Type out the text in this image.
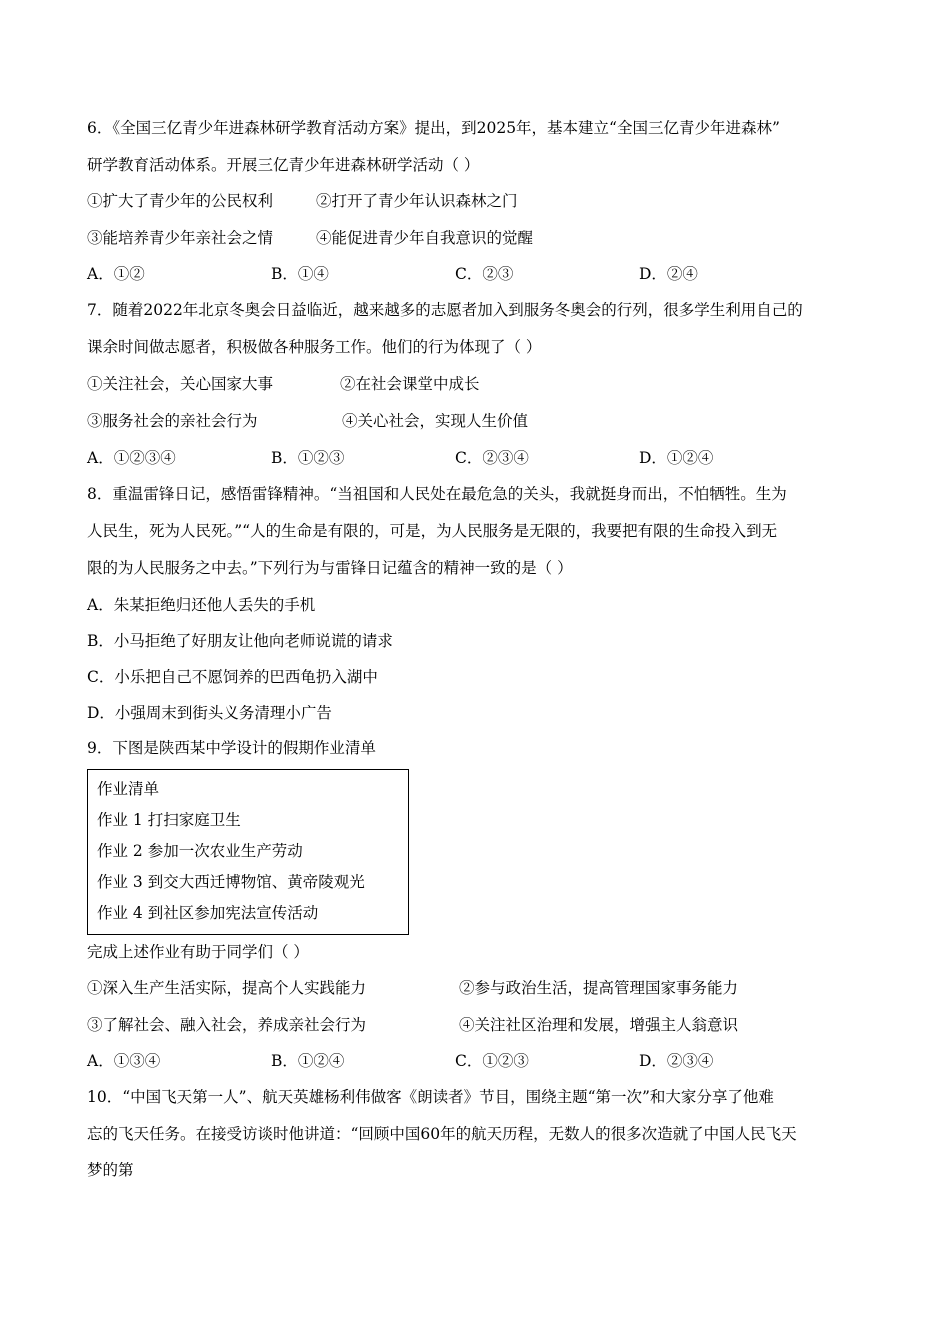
6．《全国三亿青少年进森林研学教育活动方案》提出，到2025年，基本建立“全国三亿青少年进森林”
研学教育活动体系。开展三亿青少年进森林研学活动（ ）
①扩大了青少年的公民权利	②打开了青少年认识森林之门
③能培养青少年亲社会之情	④能促进青少年自我意识的觉醒
A．①②	B．①④	C．②③	D．②④
7．随着2022年北京冬奥会日益临近，越来越多的志愿者加入到服务冬奥会的行列，很多学生利用自己的
课余时间做志愿者，积极做各种服务工作。他们的行为体现了（ ）
①关注社会，关心国家大事	②在社会课堂中成长
③服务社会的亲社会行为	④关心社会，实现人生价值
A．①②③④	B．①②③	C．②③④	D．①②④
8．重温雷锋日记，感悟雷锋精神。“当祖国和人民处在最危急的关头，我就挺身而出，不怕牺牲。生为
人民生，死为人民死。”“人的生命是有限的，可是，为人民服务是无限的，我要把有限的生命投入到无
限的为人民服务之中去。”下列行为与雷锋日记蕴含的精神一致的是（ ）
A．朱某拒绝归还他人丢失的手机
B．小马拒绝了好朋友让他向老师说谎的请求
C．小乐把自己不愿饲养的巴西龟扔入湖中
D．小强周末到街头义务清理小广告
9．下图是陕西某中学设计的假期作业清单
作业清单
作业 1 打扫家庭卫生
作业 2 参加一次农业生产劳动
作业 3 到交大西迁博物馆、黄帝陵观光
作业 4 到社区参加宪法宣传活动
完成上述作业有助于同学们（ ）
①深入生产生活实际，提高个人实践能力	②参与政治生活，提高管理国家事务能力
③了解社会、融入社会，养成亲社会行为	④关注社区治理和发展，增强主人翁意识
A．①③④	B．①②④	C．①②③	D．②③④
10．“中国飞天第一人”、航天英雄杨利伟做客《朗读者》节目，围绕主题“第一次”和大家分享了他难
忘的飞天任务。在接受访谈时他讲道：“回顾中国60年的航天历程，无数人的很多次造就了中国人民飞天
梦的第
